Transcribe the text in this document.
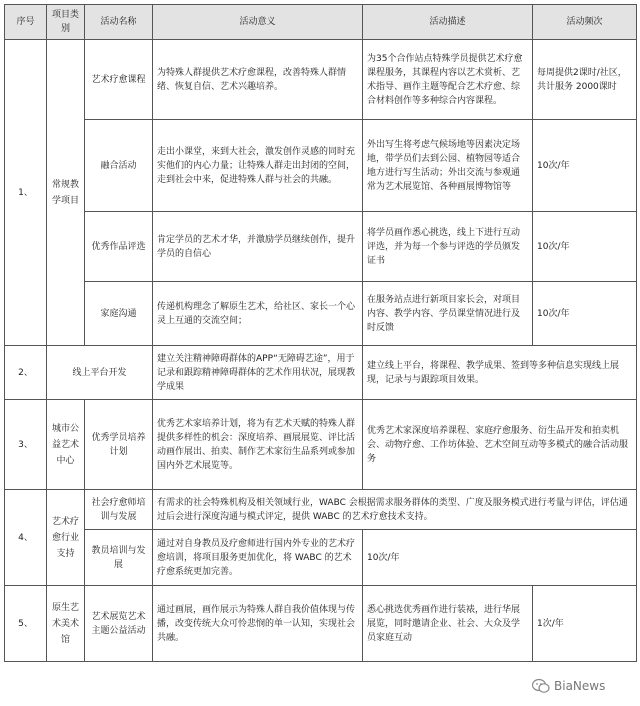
序号	项目类别	活动名称	活动意义	活动描述	活动频次
1、	常规教学项目	艺术疗愈课程	为特殊人群提供艺术疗愈课程，改善特殊人群情绪、恢复自信、艺术兴趣培养。	为35个合作站点特殊学员提供艺术疗愈课程服务，其课程内容以艺术赏析、艺术指导、画作主题等配合艺术疗愈、综合材料创作等多种综合内容课程。	每周提供2课时/社区，共计服务 2000课时
		融合活动	走出小课堂，来到大社会，激发创作灵感的同时充实他们的内心力量；让特殊人群走出封闭的空间，走到社会中来，促进特殊人群与社会的共融。	外出写生将考虑气候场地等因素决定场地，带学员们去到公园、植物园等适合地方进行写生活动；外出交流与参观通常为艺术展览馆、各种画展博物馆等	10次/年
		优秀作品评选	肯定学员的艺术才华，并激励学员继续创作，提升学员的自信心	将学员画作悉心挑选，线上下进行互动评选，并为每一个参与评选的学员颁发证书	10次/年
		家庭沟通	传递机构理念了解原生艺术，给社区、家长一个心灵上互通的交流空间；	在服务站点进行新项目家长会，对项目内容、教学内容、学员课堂情况进行及时反馈	10次/年
2、	线上平台开发		建立关注精神障碍群体的APP“无障碍艺途”，用于记录和跟踪精神障碍群体的艺术作用状况，展现教学成果	建立线上平台，将课程、教学成果、签到等多种信息实现线上展现，记录与与跟踪项目效果。	
3、	城市公益艺术中心	优秀学员培养计划	优秀艺术家培养计划，将为有艺术天赋的特殊人群提供多样性的机会：深度培养、画展展览、评比活动画作展出、拍卖、制作艺术家衍生品系列或参加国内外艺术展览等。	优秀艺术家深度培养课程、家庭疗愈服务、衍生品开发和拍卖机会、动物疗愈、工作坊体验、艺术空间互动等多模式的融合活动服务	
4、	艺术疗愈行业支持	社会疗愈师培训与发展	有需求的社会特殊机构及相关领域行业，WABC 会根据需求服务群体的类型、广度及服务模式进行考量与评估，评估通过后会进行深度沟通与模式评定，提供 WABC 的艺术疗愈技术支持。		
		教员培训与发展	通过对自身教员及疗愈师进行国内外专业的艺术疗愈培训，将项目服务更加优化，将 WABC 的艺术疗愈系统更加完善。	10次/年	
5、	原生艺术美术馆	艺术展览艺术主题公益活动	通过画展，画作展示为特殊人群自我价值体现与传播，改变传统大众可怜悲悯的单一认知，实现社会共融。	悉心挑选优秀画作进行装裱，进行华展展览，同时邀请企业、社会、大众及学员家庭互动	1次/年
BiaNews
